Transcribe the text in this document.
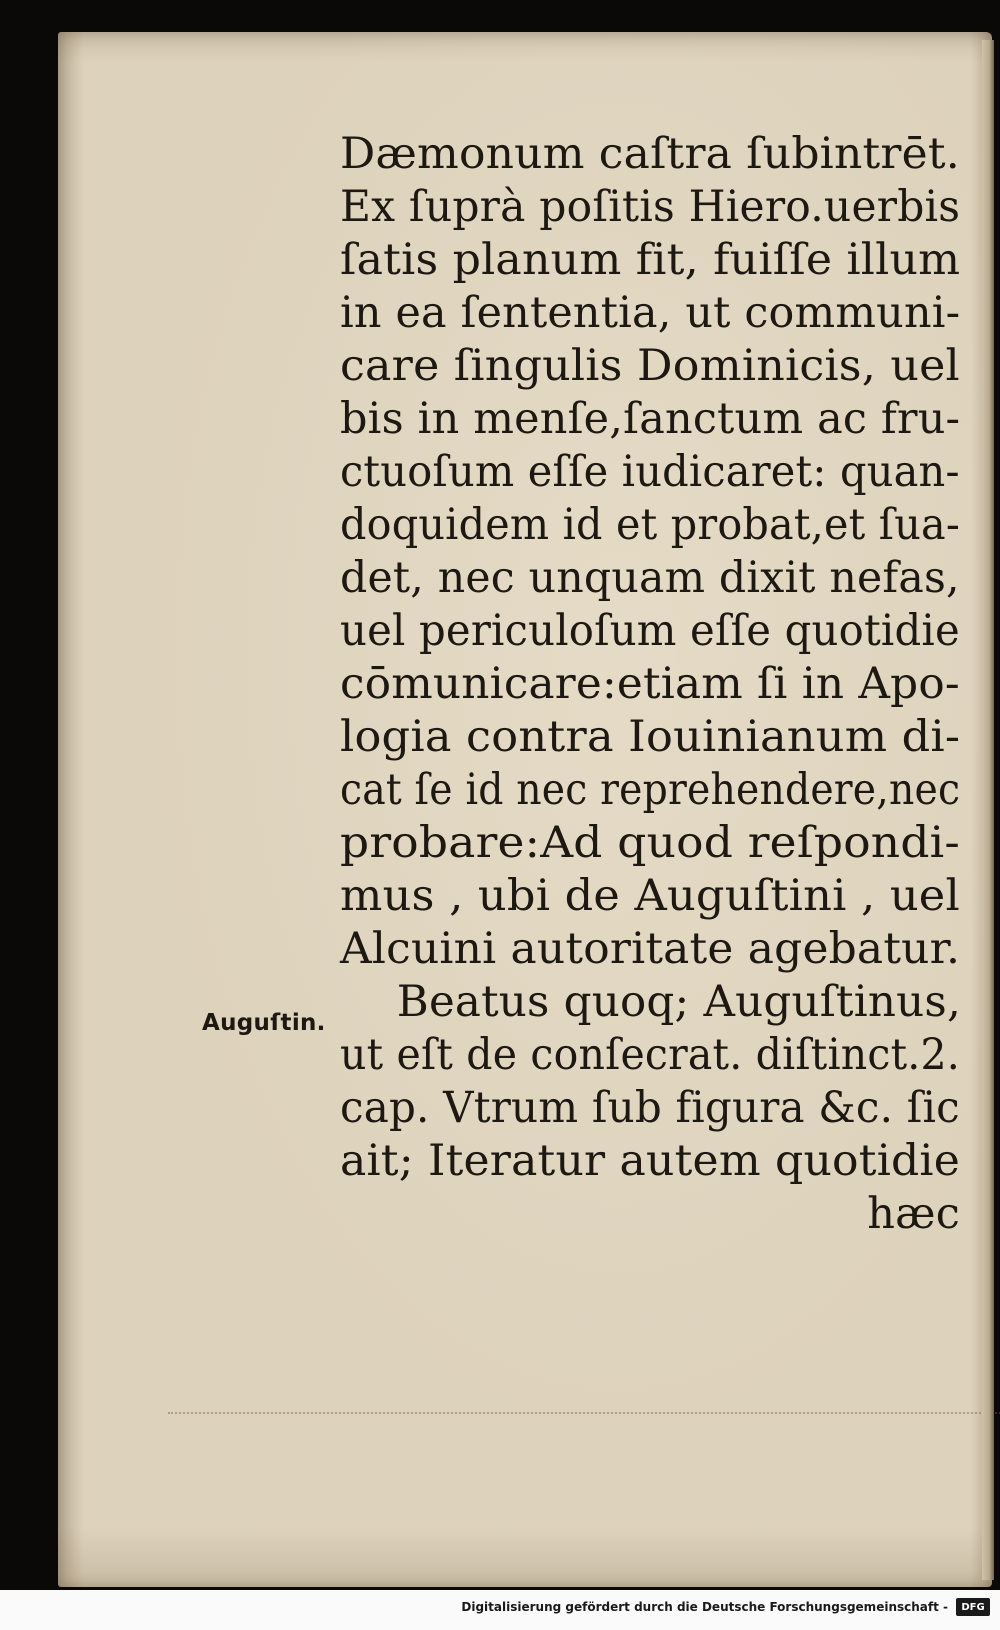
Dæmonum caſtra ſubintrēt.
Ex ſuprà poſitis Hiero.uerbis
ſatis planum fit, fuiſſe illum
in ea ſententia, ut communi-
care ſingulis Dominicis, uel
bis in menſe,ſanctum ac fru-
ctuoſum eſſe iudicaret: quan-
doquidem id et probat,et ſua-
det, nec unquam dixit nefas,
uel periculoſum eſſe quotidie
cōmunicare:etiam ſi in Apo-
logia contra Iouinianum di-
cat ſe id nec reprehendere,nec
probare:Ad quod reſpondi-
mus , ubi de Auguſtini , uel
Alcuini autoritate agebatur.
Beatus quoq; Auguſtinus,
ut eſt de conſecrat. diſtinct.2.
cap. Vtrum ſub figura &c. ſic
ait; Iteratur autem quotidie
hæc
Auguſtin.
Digitalisierung gefördert durch die Deutsche Forschungsgemeinschaft -	DFG
